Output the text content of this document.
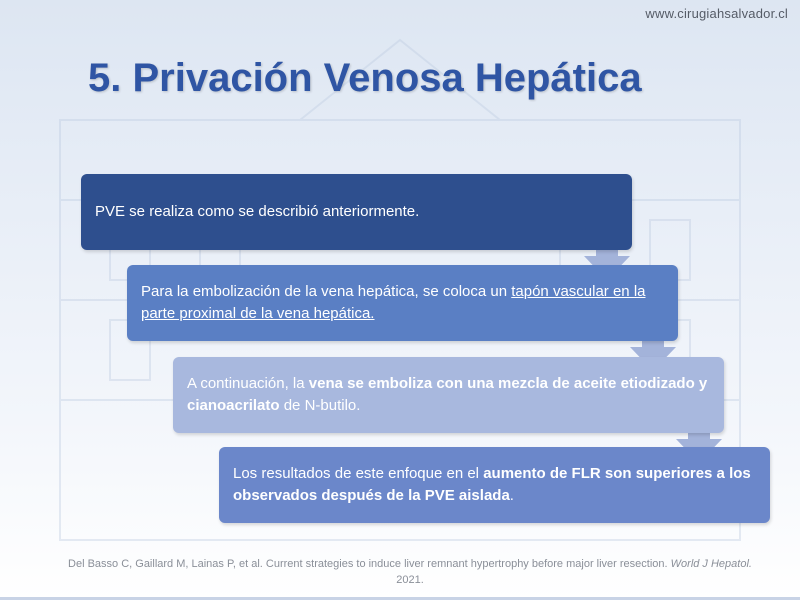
www.cirugiahsalvador.cl
5. Privación Venosa Hepática
PVE se realiza como se describió anteriormente.
Para la embolización de la vena hepática, se coloca un tapón vascular en la parte proximal de la vena hepática.
A continuación, la vena se emboliza con una mezcla de aceite etiodizado y cianoacrilato de N-butilo.
Los resultados de este enfoque en el aumento de FLR son superiores a los observados después de la PVE aislada.
Del Basso C, Gaillard M, Lainas P, et al. Current strategies to induce liver remnant hypertrophy before major liver resection. World J Hepatol. 2021.
